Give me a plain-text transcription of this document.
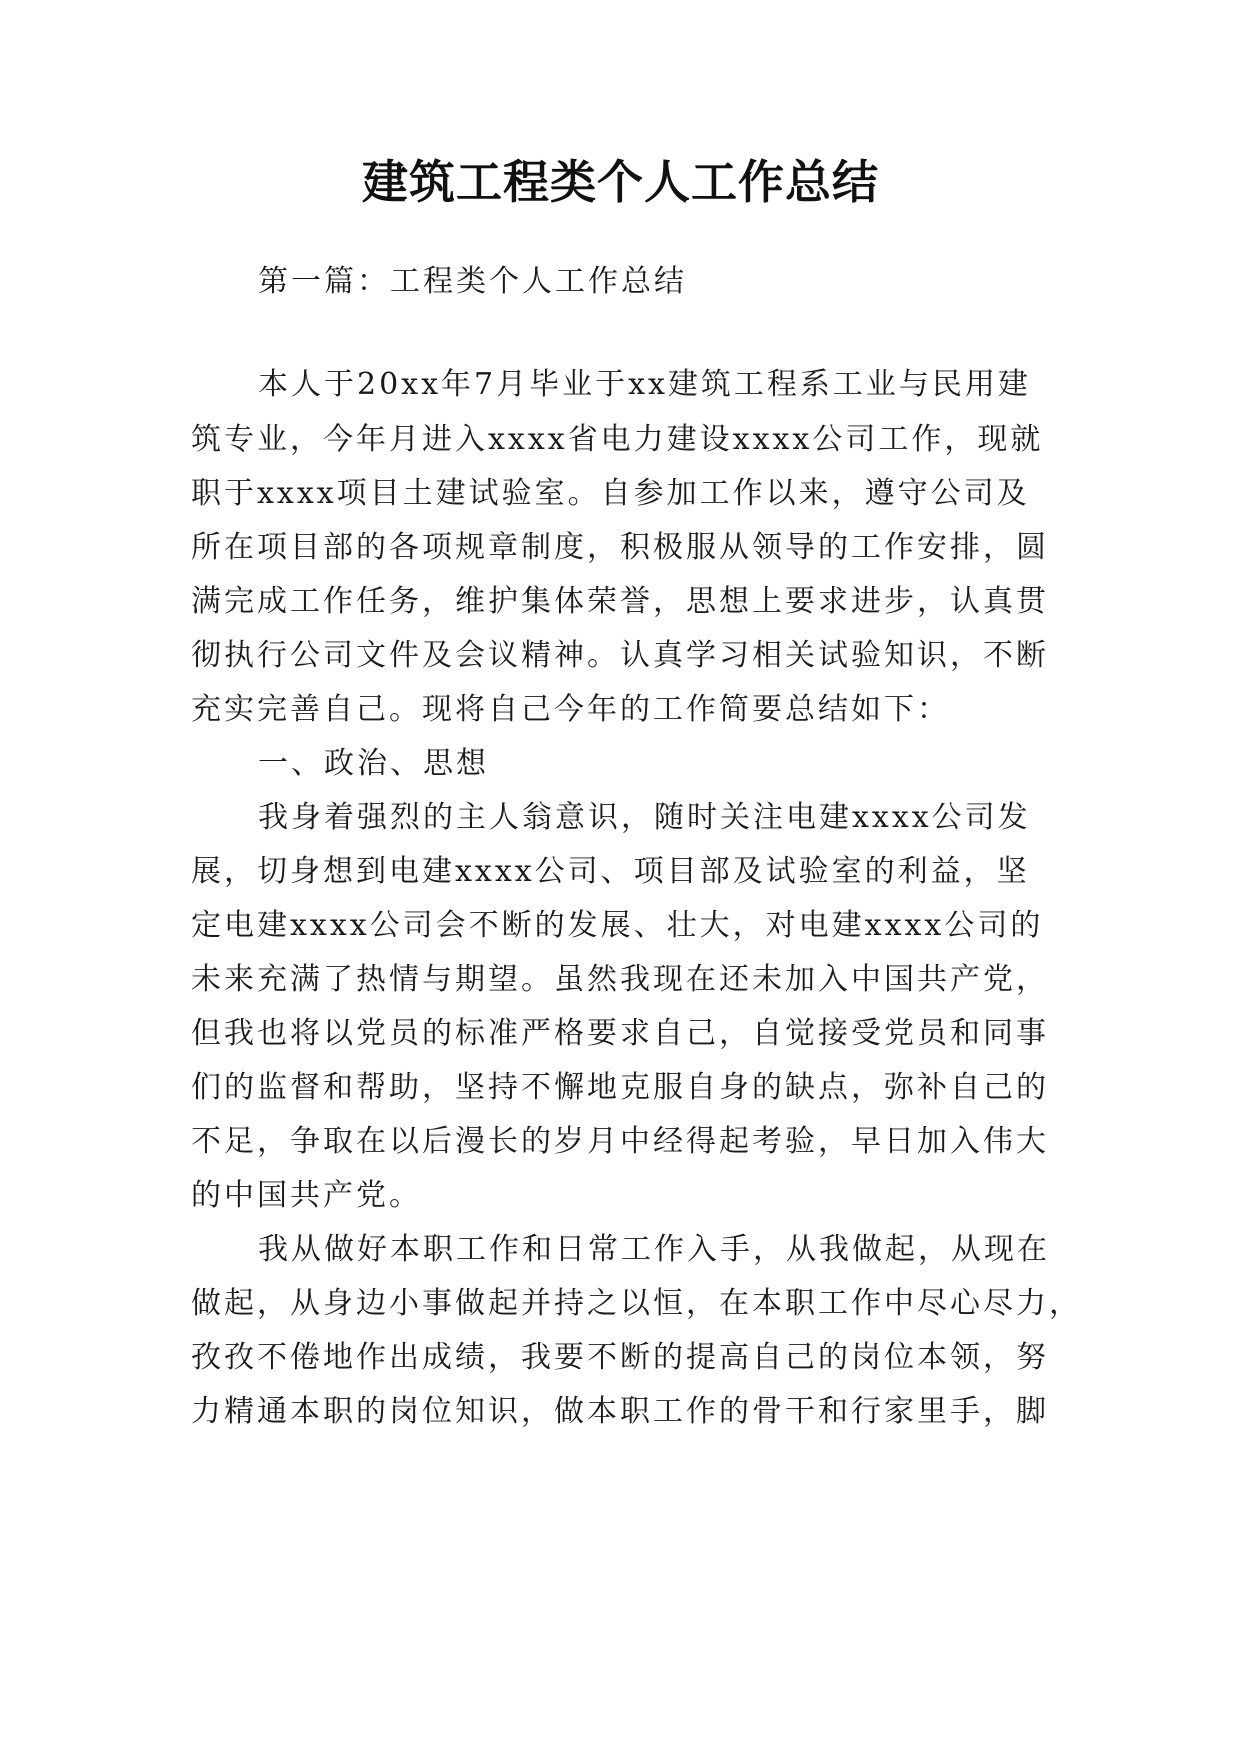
建筑工程类个人工作总结
第一篇：工程类个人工作总结
本人于20xx年7月毕业于xx建筑工程系工业与民用建
筑专业，今年月进入xxxx省电力建设xxxx公司工作，现就
职于xxxx项目土建试验室。自参加工作以来，遵守公司及
所在项目部的各项规章制度，积极服从领导的工作安排，圆
满完成工作任务，维护集体荣誉，思想上要求进步，认真贯
彻执行公司文件及会议精神。认真学习相关试验知识，不断
充实完善自己。现将自己今年的工作简要总结如下：
一、政治、思想
我身着强烈的主人翁意识，随时关注电建xxxx公司发
展，切身想到电建xxxx公司、项目部及试验室的利益，坚
定电建xxxx公司会不断的发展、壮大，对电建xxxx公司的
未来充满了热情与期望。虽然我现在还未加入中国共产党，
但我也将以党员的标准严格要求自己，自觉接受党员和同事
们的监督和帮助，坚持不懈地克服自身的缺点，弥补自己的
不足，争取在以后漫长的岁月中经得起考验，早日加入伟大
的中国共产党。
我从做好本职工作和日常工作入手，从我做起，从现在
做起，从身边小事做起并持之以恒，在本职工作中尽心尽力，
孜孜不倦地作出成绩，我要不断的提高自己的岗位本领，努
力精通本职的岗位知识，做本职工作的骨干和行家里手，脚
